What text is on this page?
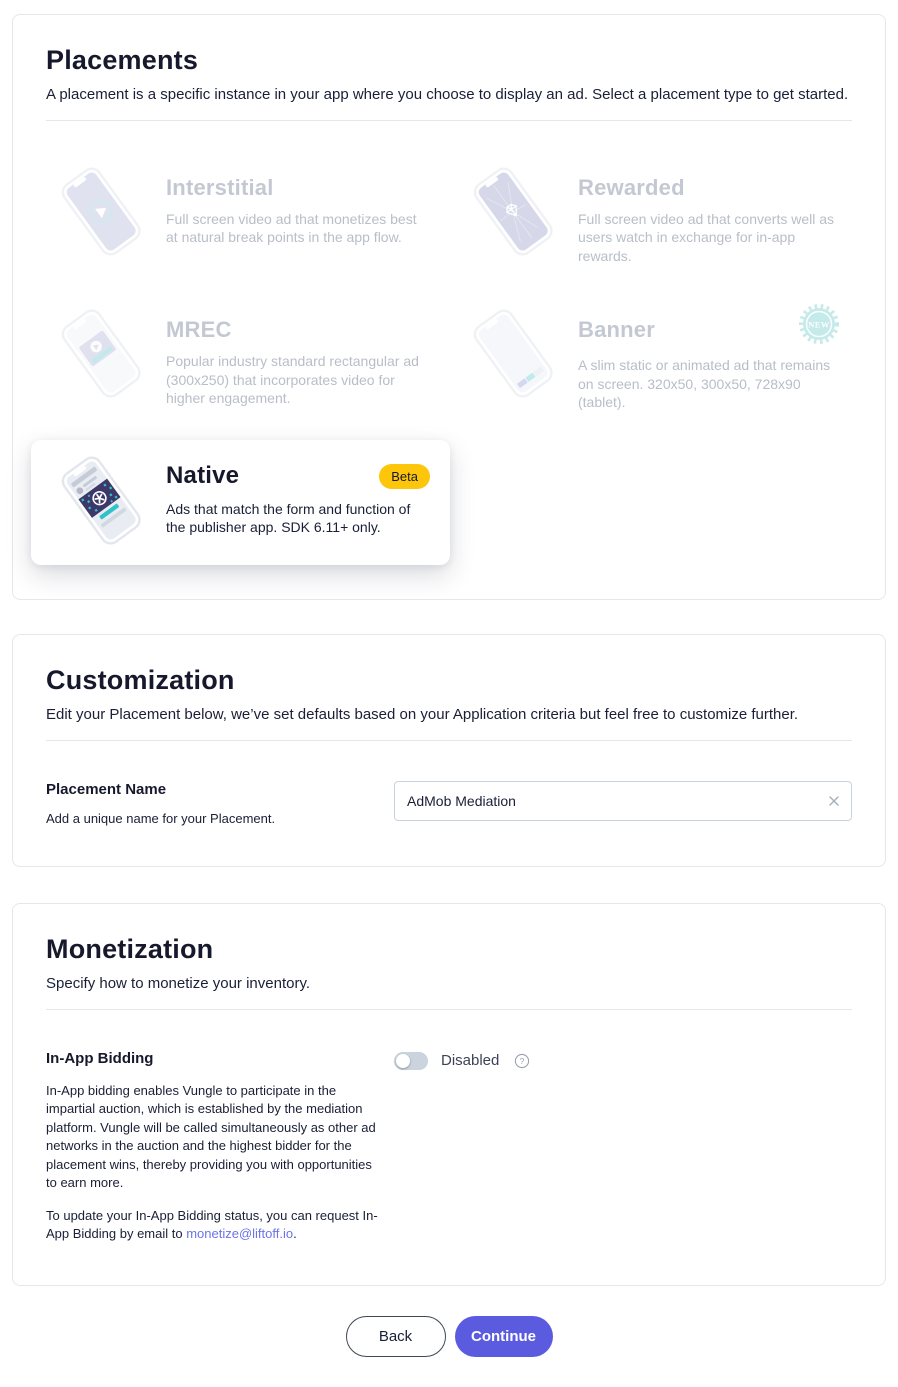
Placements

A placement is a specific instance in your app where you choose to display an ad. Select a placement type to get started.

Interstitial

Full screen video ad that monetizes best at natural break points in the app flow.

Rewarded

Full screen video ad that converts well as users watch in exchange for in-app rewards.

MREC

Popular industry standard rectangular ad (300x250) that incorporates video for higher engagement.

Banner	NEW

A slim static or animated ad that remains on screen. 320x50, 300x50, 728x90 (tablet).

Native	Beta

Ads that match the form and function of the publisher app. SDK 6.11+ only.

Customization

Edit your Placement below, we’ve set defaults based on your Application criteria but feel free to customize further.

Placement Name

Add a unique name for your Placement.

AdMob Mediation
Monetization

Specify how to monetize your inventory.

In-App Bidding

In-App bidding enables Vungle to participate in the impartial auction, which is established by the mediation platform. Vungle will be called simultaneously as other ad networks in the auction and the highest bidder for the placement wins, thereby providing you with opportunities to earn more.

To update your In-App Bidding status, you can request In-App Bidding by email to monetize@liftoff.io.

Disabled ?
Back	Continue
